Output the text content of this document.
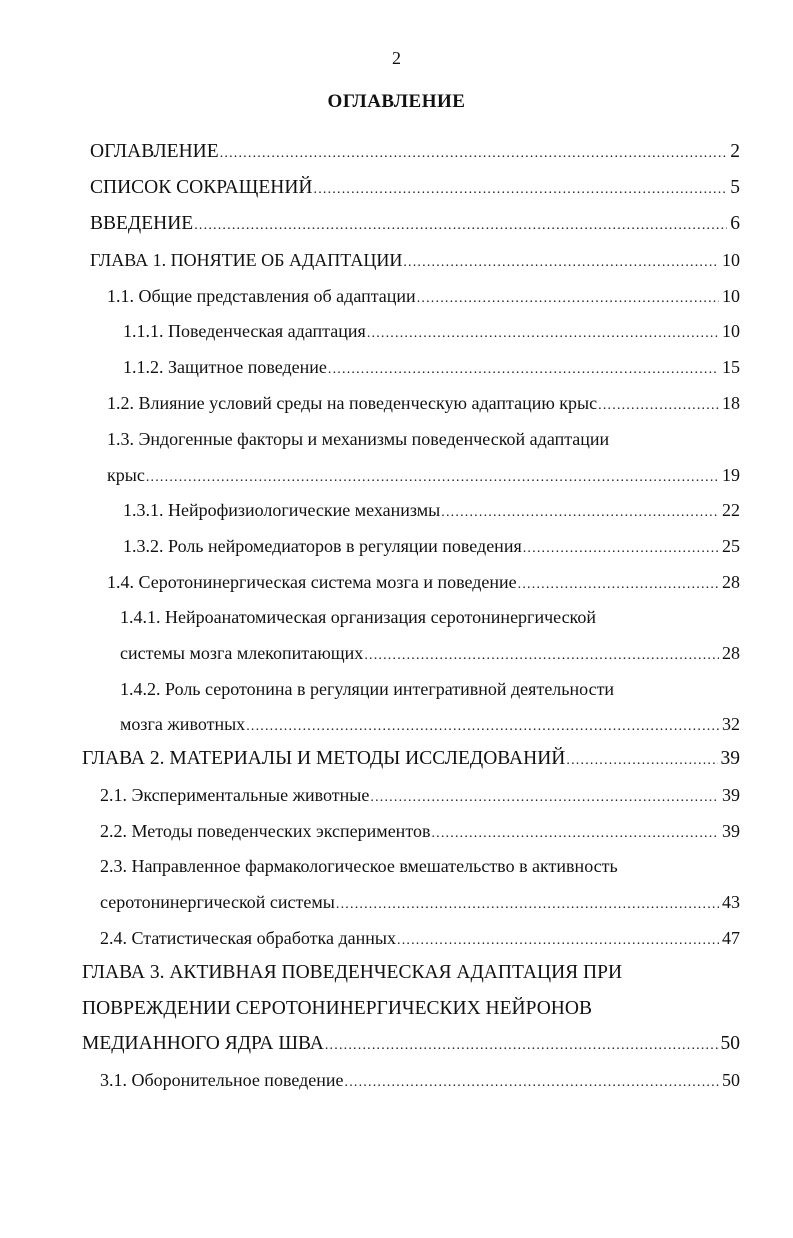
2
ОГЛАВЛЕНИЕ
ОГЛАВЛЕНИЕ .....	2
СПИСОК СОКРАЩЕНИЙ .....	5
ВВЕДЕНИЕ .....	6
ГЛАВА 1. ПОНЯТИЕ ОБ АДАПТАЦИИ .....	10
1.1. Общие представления об адаптации .....	10
1.1.1. Поведенческая адаптация .....	10
1.1.2. Защитное поведение .....	15
1.2. Влияние условий среды на поведенческую адаптацию крыс .....	18
1.3. Эндогенные факторы и механизмы поведенческой адаптации
крыс .....	19
1.3.1. Нейрофизиологические механизмы .....	22
1.3.2. Роль нейромедиаторов в регуляции поведения .....	25
1.4. Серотонинергическая система мозга и поведение .....	28
1.4.1. Нейроанатомическая организация серотонинергической
системы мозга млекопитающих .....	28
1.4.2. Роль серотонина в регуляции интегративной деятельности
мозга животных .....	32
ГЛАВА 2. МАТЕРИАЛЫ И МЕТОДЫ ИССЛЕДОВАНИЙ .....	39
2.1. Экспериментальные животные .....	39
2.2. Методы поведенческих экспериментов .....	39
2.3. Направленное фармакологическое вмешательство в активность
серотонинергической системы .....	43
2.4. Статистическая обработка данных .....	47
ГЛАВА 3. АКТИВНАЯ ПОВЕДЕНЧЕСКАЯ АДАПТАЦИЯ ПРИ
ПОВРЕЖДЕНИИ СЕРОТОНИНЕРГИЧЕСКИХ НЕЙРОНОВ
МЕДИАННОГО ЯДРА ШВА .....	50
3.1. Оборонительное поведение .....	50
